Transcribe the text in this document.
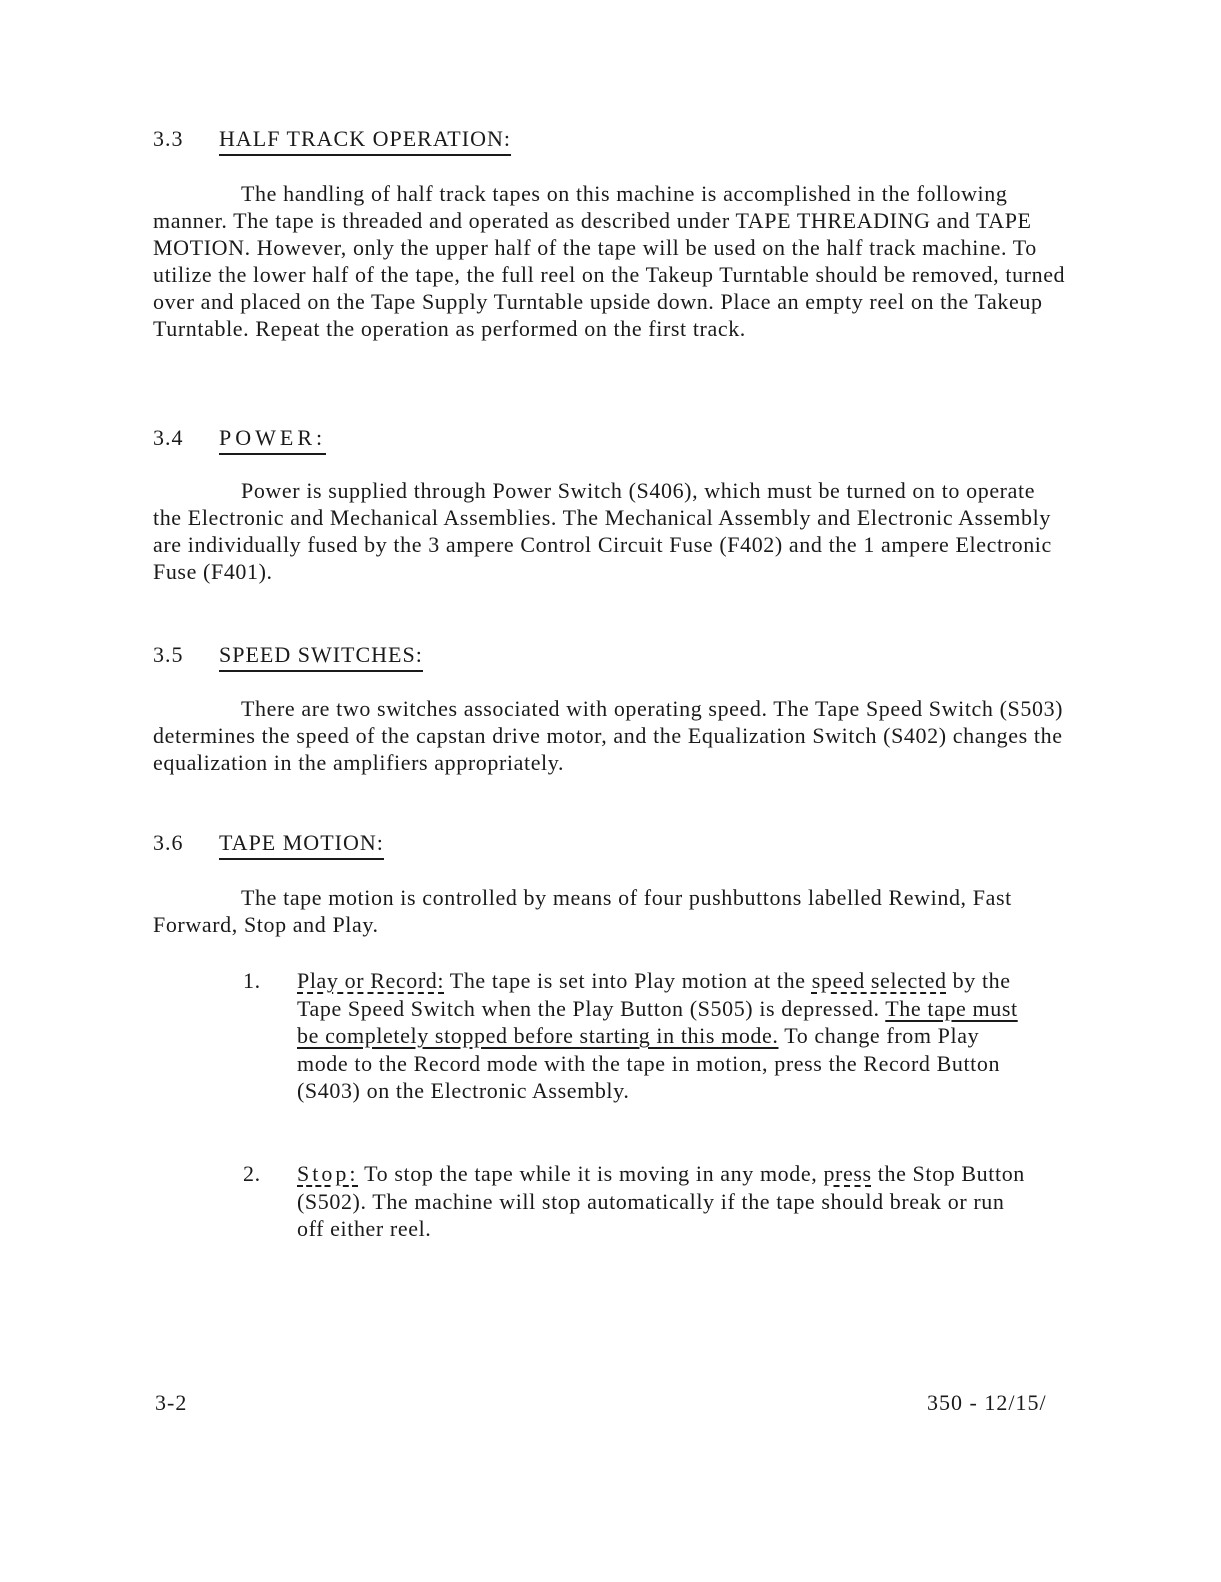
3.3 HALF TRACK OPERATION:

The handling of half track tapes on this machine is accomplished in the following manner. The tape is threaded and operated as described under TAPE THREADING and TAPE MOTION. However, only the upper half of the tape will be used on the half track machine. To utilize the lower half of the tape, the full reel on the Takeup Turntable should be removed, turned over and placed on the Tape Supply Turntable upside down. Place an empty reel on the Takeup Turntable. Repeat the operation as performed on the first track.

3.4 POWER:

Power is supplied through Power Switch (S406), which must be turned on to operate the Electronic and Mechanical Assemblies. The Mechanical Assembly and Electronic Assembly are individually fused by the 3 ampere Control Circuit Fuse (F402) and the 1 ampere Electronic Fuse (F401).

3.5 SPEED SWITCHES:

There are two switches associated with operating speed. The Tape Speed Switch (S503) determines the speed of the capstan drive motor, and the Equalization Switch (S402) changes the equalization in the amplifiers appropriately.

3.6 TAPE MOTION:

The tape motion is controlled by means of four pushbuttons labelled Rewind, Fast Forward, Stop and Play.

1.	Play or Record: The tape is set into Play motion at the speed selected by the Tape Speed Switch when the Play Button (S505) is depressed. The tape must be completely stopped before starting in this mode. To change from Play mode to the Record mode with the tape in motion, press the Record Button (S403) on the Electronic Assembly.
2.	Stop: To stop the tape while it is moving in any mode, press the Stop Button (S502). The machine will stop automatically if the tape should break or run off either reel.
3-2	350 - 12/15/
